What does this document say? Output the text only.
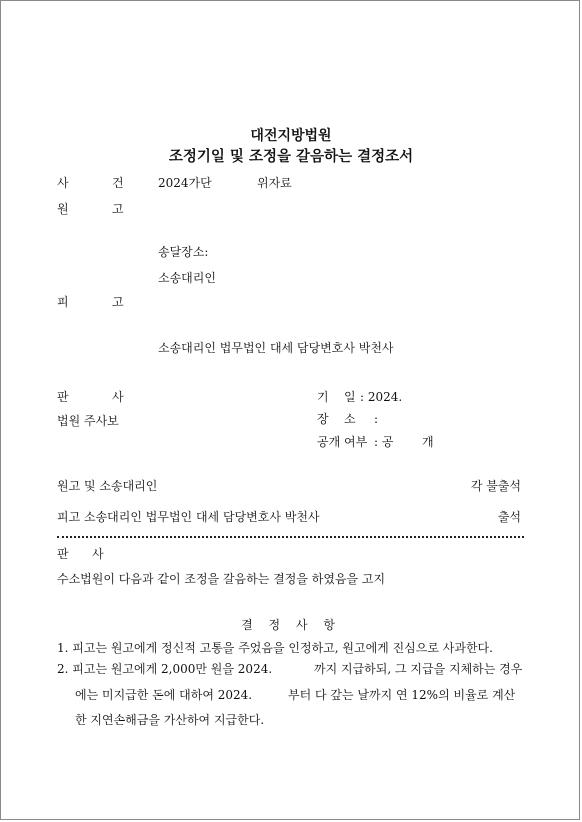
대전지방법원
조정기일 및 조정을 갈음하는 결정조서
사	건	2024가단	위자료
원	고
송달장소:
소송대리인
피	고
소송대리인 법무법인 대세 담당변호사 박천사
판	사
법원 주사보
기 일 : 2024.
장 소 :
공개 여부 : 공 개
원고 및 소송대리인	각 불출석
피고 소송대리인 법무법인 대세 담당변호사 박천사	출석
판 사
수소법원이 다음과 같이 조정을 갈음하는 결정을 하였음을 고지
결 정 사 항
1. 피고는 원고에게 정신적 고통을 주었음을 인정하고, 원고에게 진심으로 사과한다.
2. 피고는 원고에게 2,000만 원을 2024.	까지 지급하되, 그 지급을 지체하는 경우
에는 미지급한 돈에 대하여 2024.	부터 다 갚는 날까지 연 12%의 비율로 계산
한 지연손해금을 가산하여 지급한다.
